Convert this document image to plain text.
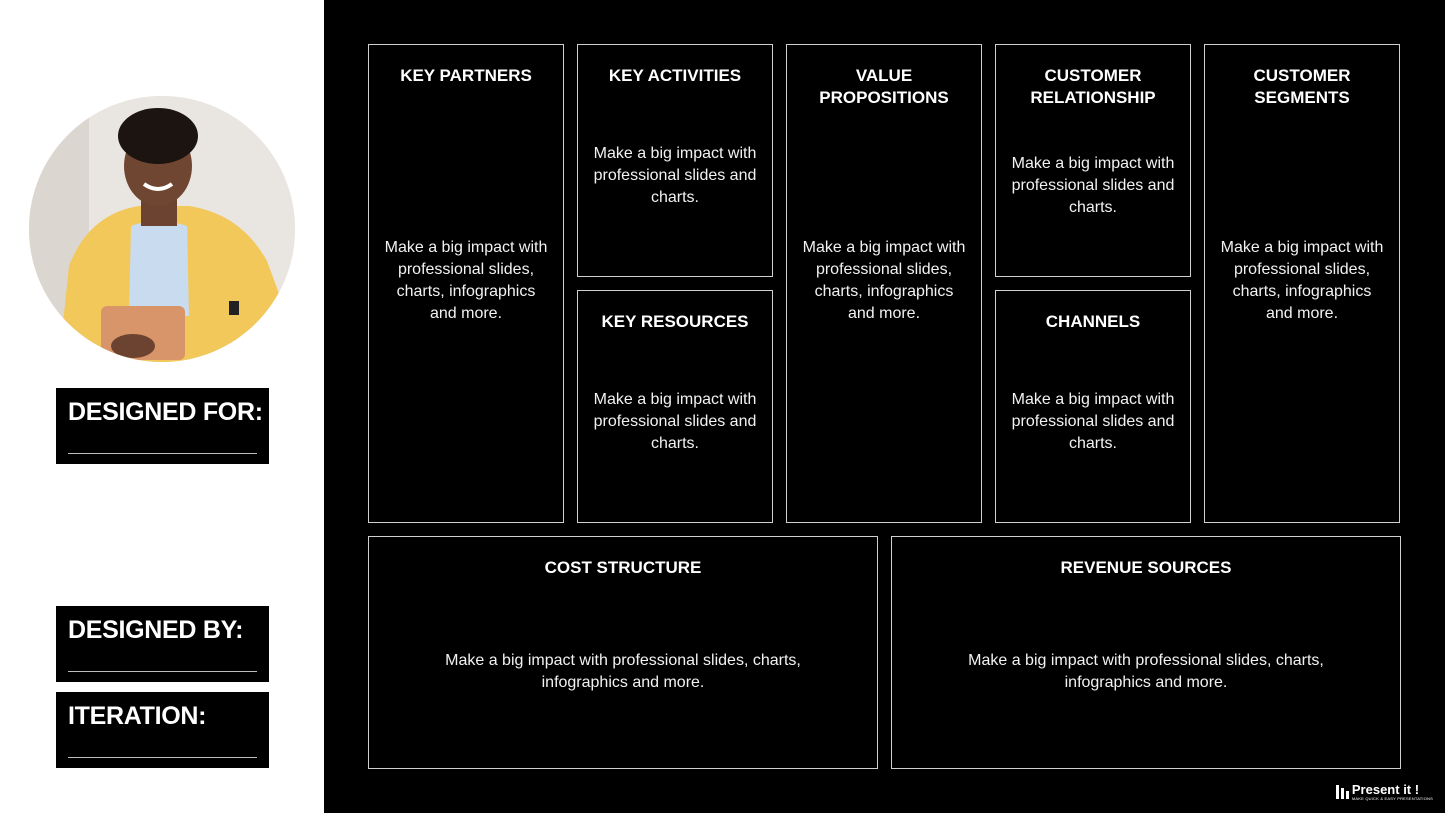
DESIGNED FOR:
DESIGNED BY:
ITERATION:
KEY PARTNERS
Make a big impact with professional slides, charts, infographics and more.
KEY ACTIVITIES
Make a big impact with professional slides and charts.
KEY RESOURCES
Make a big impact with professional slides and charts.
VALUE PROPOSITIONS
Make a big impact with professional slides, charts, infographics and more.
CUSTOMER RELATIONSHIP
Make a big impact with professional slides and charts.
CHANNELS
Make a big impact with professional slides and charts.
CUSTOMER SEGMENTS
Make a big impact with professional slides, charts, infographics and more.
COST STRUCTURE
Make a big impact with professional slides, charts, infographics and more.
REVENUE SOURCES
Make a big impact with professional slides, charts, infographics and more.
Present it !
MAKE QUICK & EASY PRESENTATIONS
